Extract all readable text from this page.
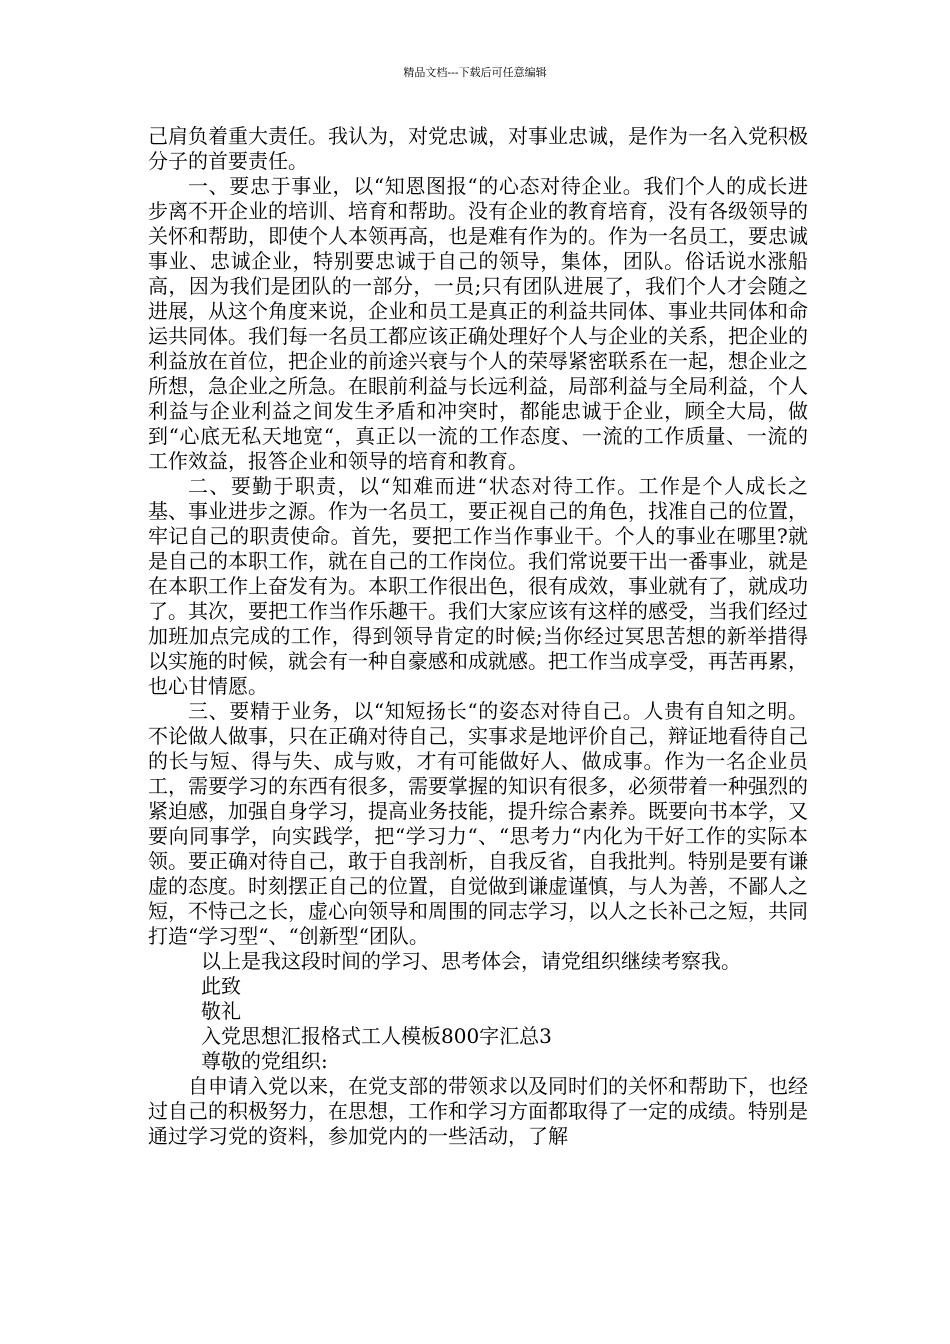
精品文档---下载后可任意编辑

己肩负着重大责任。我认为，对党忠诚，对事业忠诚，是作为一名入党积极分子的首要责任。

一、要忠于事业，以“知恩图报“的心态对待企业。我们个人的成长进步离不开企业的培训、培育和帮助。没有企业的教育培育，没有各级领导的关怀和帮助，即使个人本领再高，也是难有作为的。作为一名员工，要忠诚事业、忠诚企业，特别要忠诚于自己的领导，集体，团队。俗话说水涨船高，因为我们是团队的一部分，一员;只有团队进展了，我们个人才会随之进展，从这个角度来说，企业和员工是真正的利益共同体、事业共同体和命运共同体。我们每一名员工都应该正确处理好个人与企业的关系，把企业的利益放在首位，把企业的前途兴衰与个人的荣辱紧密联系在一起，想企业之所想，急企业之所急。在眼前利益与长远利益，局部利益与全局利益，个人利益与企业利益之间发生矛盾和冲突时，都能忠诚于企业，顾全大局，做到“心底无私天地宽“，真正以一流的工作态度、一流的工作质量、一流的工作效益，报答企业和领导的培育和教育。

二、要勤于职责，以“知难而进“状态对待工作。工作是个人成长之基、事业进步之源。作为一名员工，要正视自己的角色，找准自己的位置，牢记自己的职责使命。首先，要把工作当作事业干。个人的事业在哪里?就是自己的本职工作，就在自己的工作岗位。我们常说要干出一番事业，就是在本职工作上奋发有为。本职工作很出色，很有成效，事业就有了，就成功了。其次，要把工作当作乐趣干。我们大家应该有这样的感受，当我们经过加班加点完成的工作，得到领导肯定的时候;当你经过冥思苦想的新举措得以实施的时候，就会有一种自豪感和成就感。把工作当成享受，再苦再累，也心甘情愿。

三、要精于业务，以“知短扬长“的姿态对待自己。人贵有自知之明。不论做人做事，只在正确对待自己，实事求是地评价自己，辩证地看待自己的长与短、得与失、成与败，才有可能做好人、做成事。作为一名企业员工，需要学习的东西有很多，需要掌握的知识有很多，必须带着一种强烈的紧迫感，加强自身学习，提高业务技能，提升综合素养。既要向书本学，又要向同事学，向实践学，把“学习力“、“思考力“内化为干好工作的实际本领。要正确对待自己，敢于自我剖析，自我反省，自我批判。特别是要有谦虚的态度。时刻摆正自己的位置，自觉做到谦虚谨慎，与人为善，不鄙人之短，不恃己之长，虚心向领导和周围的同志学习，以人之长补己之短，共同打造“学习型“、“创新型“团队。

以上是我这段时间的学习、思考体会，请党组织继续考察我。

此致

敬礼

入党思想汇报格式工人模板800字汇总3

尊敬的党组织:

自申请入党以来，在党支部的带领求以及同时们的关怀和帮助下，也经过自己的积极努力，在思想，工作和学习方面都取得了一定的成绩。特别是通过学习党的资料，参加党内的一些活动，了解
